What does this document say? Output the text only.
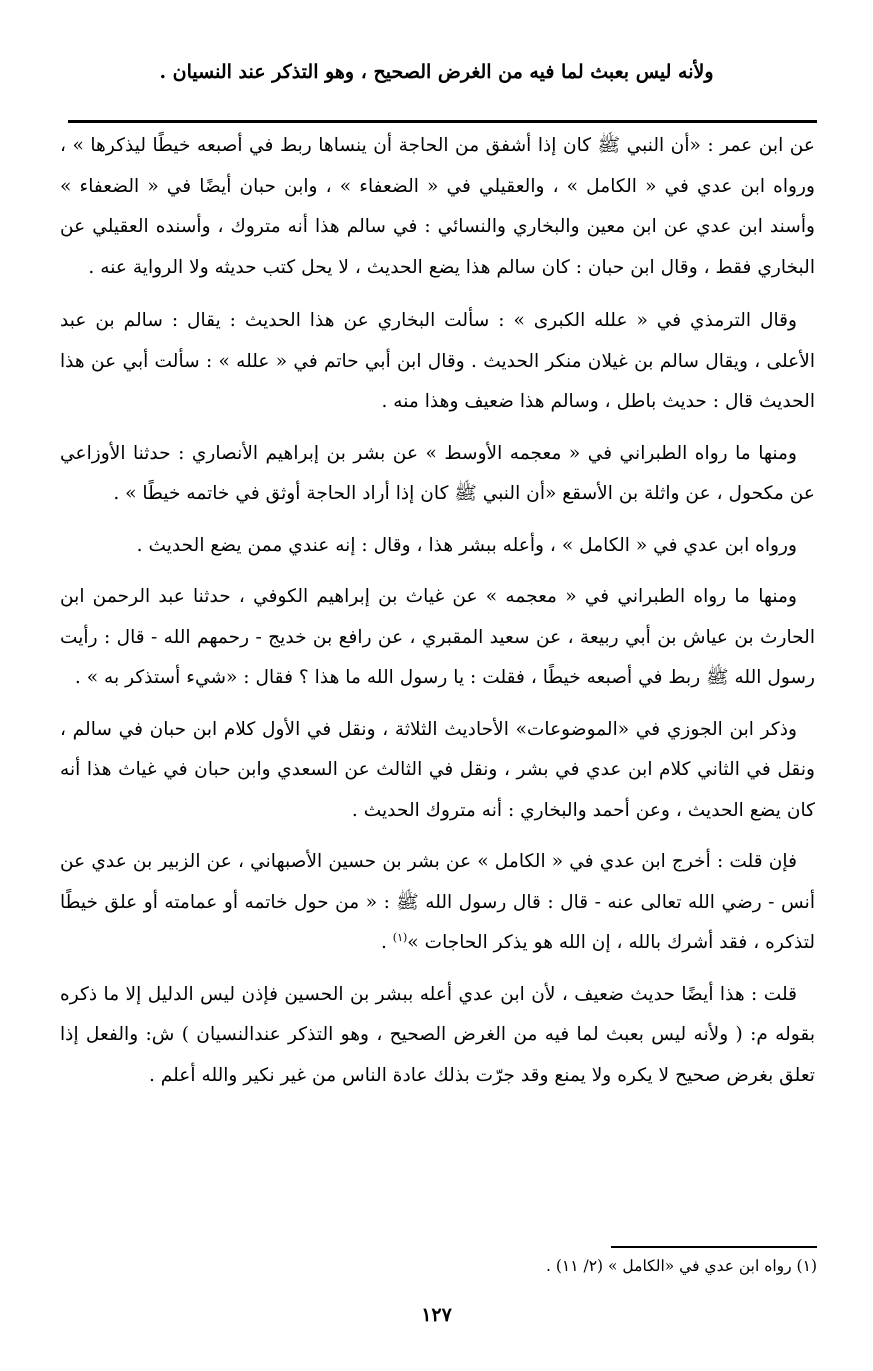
ولأنه ليس بعبث لما فيه من الغرض الصحيح ، وهو التذكر عند النسيان .

عن ابن عمر : «أن النبي ﷺ كان إذا أشفق من الحاجة أن ينساها ربط في أصبعه خيطًا ليذكرها » ، ورواه ابن عدي في « الكامل » ، والعقيلي في « الضعفاء » ، وابن حبان أيضًا في « الضعفاء » وأسند ابن عدي عن ابن معين والبخاري والنسائي : في سالم هذا أنه متروك ، وأسنده العقيلي عن البخاري فقط ، وقال ابن حبان : كان سالم هذا يضع الحديث ، لا يحل كتب حديثه ولا الرواية عنه .

وقال الترمذي في « علله الكبرى » : سألت البخاري عن هذا الحديث : يقال : سالم بن عبد الأعلى ، ويقال سالم بن غيلان منكر الحديث . وقال ابن أبي حاتم في « علله » : سألت أبي عن هذا الحديث قال : حديث باطل ، وسالم هذا ضعيف وهذا منه .

ومنها ما رواه الطبراني في « معجمه الأوسط » عن بشر بن إبراهيم الأنصاري : حدثنا الأوزاعي عن مكحول ، عن واثلة بن الأسقع «أن النبي ﷺ كان إذا أراد الحاجة أوثق في خاتمه خيطًا » .

ورواه ابن عدي في « الكامل » ، وأعله ببشر هذا ، وقال : إنه عندي ممن يضع الحديث .

ومنها ما رواه الطبراني في « معجمه » عن غياث بن إبراهيم الكوفي ، حدثنا عبد الرحمن ابن الحارث بن عياش بن أبي ربيعة ، عن سعيد المقبري ، عن رافع بن خديج - رحمهم الله - قال : رأيت رسول الله ﷺ ربط في أصبعه خيطًا ، فقلت : يا رسول الله ما هذا ؟ فقال : «شيء أستذكر به » .

وذكر ابن الجوزي في «الموضوعات» الأحاديث الثلاثة ، ونقل في الأول كلام ابن حبان في سالم ، ونقل في الثاني كلام ابن عدي في بشر ، ونقل في الثالث عن السعدي وابن حبان في غياث هذا أنه كان يضع الحديث ، وعن أحمد والبخاري : أنه متروك الحديث .

فإن قلت : أخرج ابن عدي في « الكامل » عن بشر بن حسين الأصبهاني ، عن الزبير بن عدي عن أنس - رضي الله تعالى عنه - قال : قال رسول الله ﷺ : « من حول خاتمه أو عمامته أو علق خيطًا لتذكره ، فقد أشرك بالله ، إن الله هو يذكر الحاجات »$^{(١)}$ .

قلت : هذا أيضًا حديث ضعيف ، لأن ابن عدي أعله ببشر بن الحسين فإذن ليس الدليل إلا ما ذكره بقوله م: ( ولأنه ليس بعبث لما فيه من الغرض الصحيح ، وهو التذكر عندالنسيان ) ش: والفعل إذا تعلق بغرض صحيح لا يكره ولا يمنع وقد جرّت بذلك عادة الناس من غير نكير والله أعلم .

(١) رواه ابن عدي في «الكامل » (٢/ ١١) .
١٢٧
